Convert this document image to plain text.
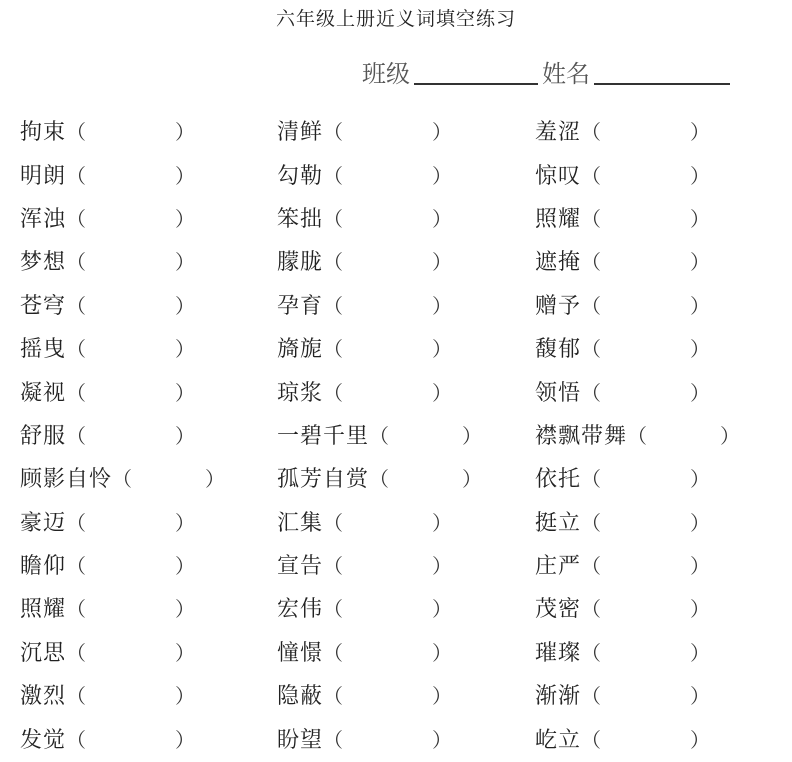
六年级上册近义词填空练习
班级	姓名
拘束 （	）	清鲜 （	）	羞涩 （	）
明朗 （	）	勾勒 （	）	惊叹 （	）
浑浊 （	）	笨拙 （	）	照耀 （	）
梦想 （	）	朦胧 （	）	遮掩 （	）
苍穹 （	）	孕育 （	）	赠予 （	）
摇曳 （	）	旖旎 （	）	馥郁 （	）
凝视 （	）	琼浆 （	）	领悟 （	）
舒服 （	）	一碧千里 （	） 襟飘带舞 （	）
顾影自怜 （	） 孤芳自赏 （	） 依托 （	）
豪迈 （	）	汇集 （	）	挺立 （	）
瞻仰 （	）	宣告 （	）	庄严 （	）
照耀 （	）	宏伟 （	）	茂密 （	）
沉思 （	）	憧憬 （	）	璀璨 （	）
激烈 （	）	隐蔽 （	）	渐渐 （	）
发觉 （	）	盼望 （	）	屹立 （	）
